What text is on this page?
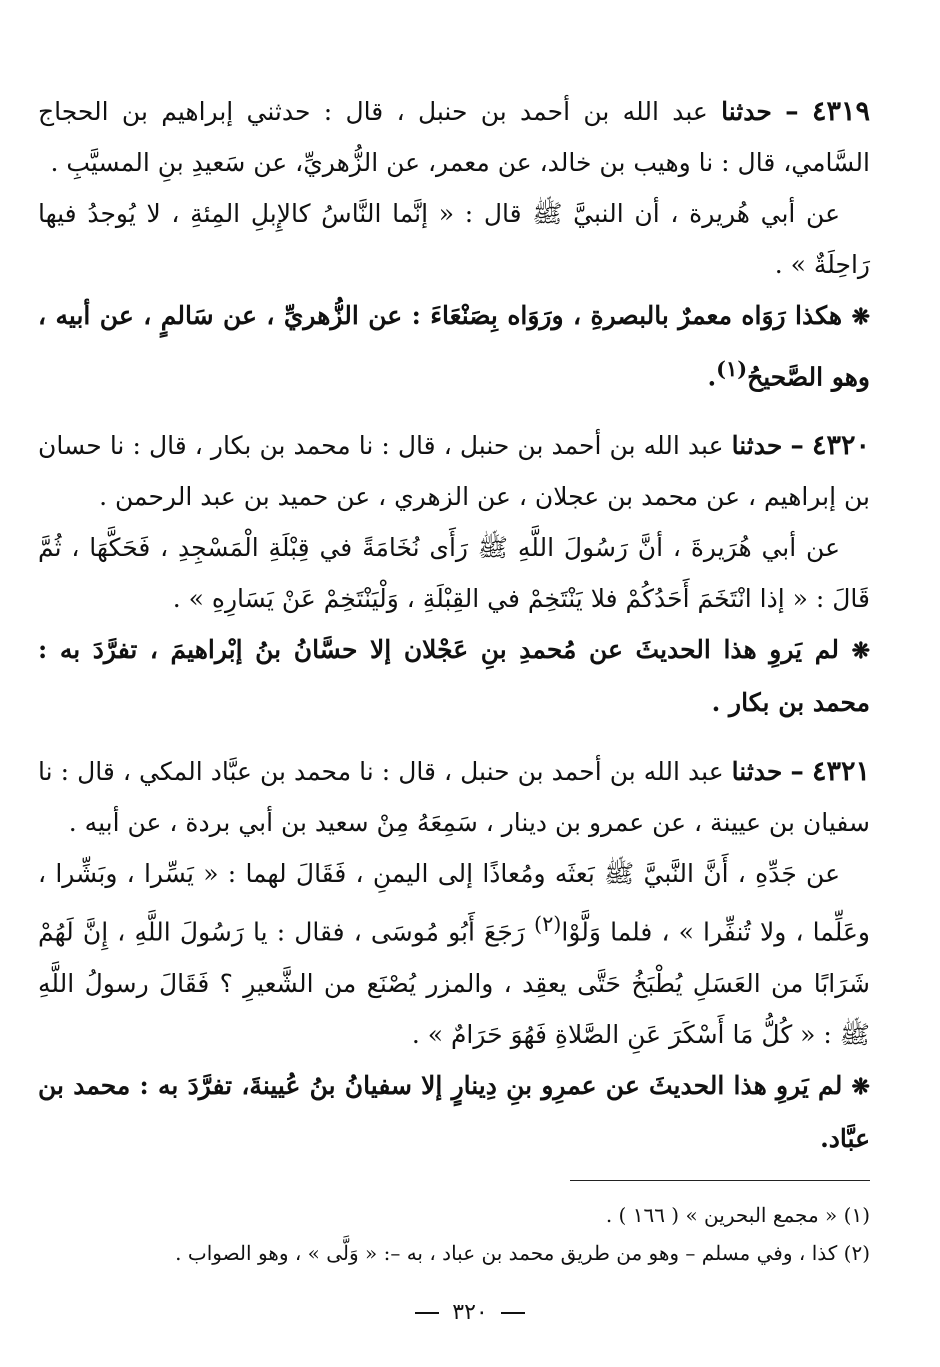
٤٣١٩ – حدثنا عبد الله بن أحمد بن حنبل ، قال : حدثني إبراهيم بن الحجاج السَّامي، قال : نا وهيب بن خالد، عن معمر، عن الزُّهريِّ، عن سَعيدِ بنِ المسيَّبِ .

عن أبي هُريرة ، أن النبيَّ ﷺ قال : « إنَّما النَّاسُ كالإِبلِ المِئةِ ، لا يُوجدُ فيها رَاحِلَةٌ » .

❋ هكذا رَوَاه معمرٌ بالبصرةِ ، ورَوَاه بِصَنْعَاءَ : عن الزُّهريِّ ، عن سَالمٍ ، عن أبيه ، وهو الصَّحيحُ$^{(١)}$.

٤٣٢٠ – حدثنا عبد الله بن أحمد بن حنبل ، قال : نا محمد بن بكار ، قال : نا حسان بن إبراهيم ، عن محمد بن عجلان ، عن الزهري ، عن حميد بن عبد الرحمن .

عن أبي هُرَيرةَ ، أنَّ رَسُولَ اللَّهِ ﷺ رَأَى نُخَامَةً في قِبْلَةِ الْمَسْجِدِ ، فَحَكَّهَا ، ثُمَّ قَالَ : « إذا انْتَخَمَ أَحَدُكُمْ فلا يَنْتَخِمْ في القِبْلَةِ ، وَلْيَنْتَخِمْ عَنْ يَسَارِهِ » .

❋ لم يَروِ هذا الحديثَ عن مُحمدِ بنِ عَجْلان إلا حسَّانُ بنُ إبْراهيمَ ، تفرَّدَ به : محمد بن بكار .

٤٣٢١ – حدثنا عبد الله بن أحمد بن حنبل ، قال : نا محمد بن عبَّاد المكي ، قال : نا سفيان بن عيينة ، عن عمرو بن دينار ، سَمِعَهُ مِنْ سعيد بن أبي بردة ، عن أبيه .

عن جَدِّهِ ، أَنَّ النَّبيَّ ﷺ بَعثَه ومُعاذًا إلى اليمنِ ، فَقَالَ لهما : « يَسِّرا ، وبَشِّرا ، وعَلِّما ، ولا تُنفِّرا » ، فلما وَلَّوْا$^{(٢)}$ رَجَعَ أَبُو مُوسَى ، فقال : يا رَسُولَ اللَّهِ ، إِنَّ لَهُمْ شَرَابًا من العَسَلِ يُطْبَخُ حَتَّى يعقِد ، والمزر يُصْنَع من الشَّعيرِ ؟ فَقَالَ رسولُ اللَّهِ ﷺ : « كُلُّ مَا أَسْكَرَ عَنِ الصَّلاةِ فَهُوَ حَرَامٌ » .

❋ لم يَروِ هذا الحديثَ عن عمرِو بنِ دِينارٍ إلا سفيانُ بنُ عُيينةَ، تفرَّدَ به : محمد بن عبَّاد.

(١) « مجمع البحرين » ( ١٦٦ ) .

(٢) كذا ، وفي مسلم – وهو من طريق محمد بن عباد ، به –: « وَلَّى » ، وهو الصواب .

٣٢٠
